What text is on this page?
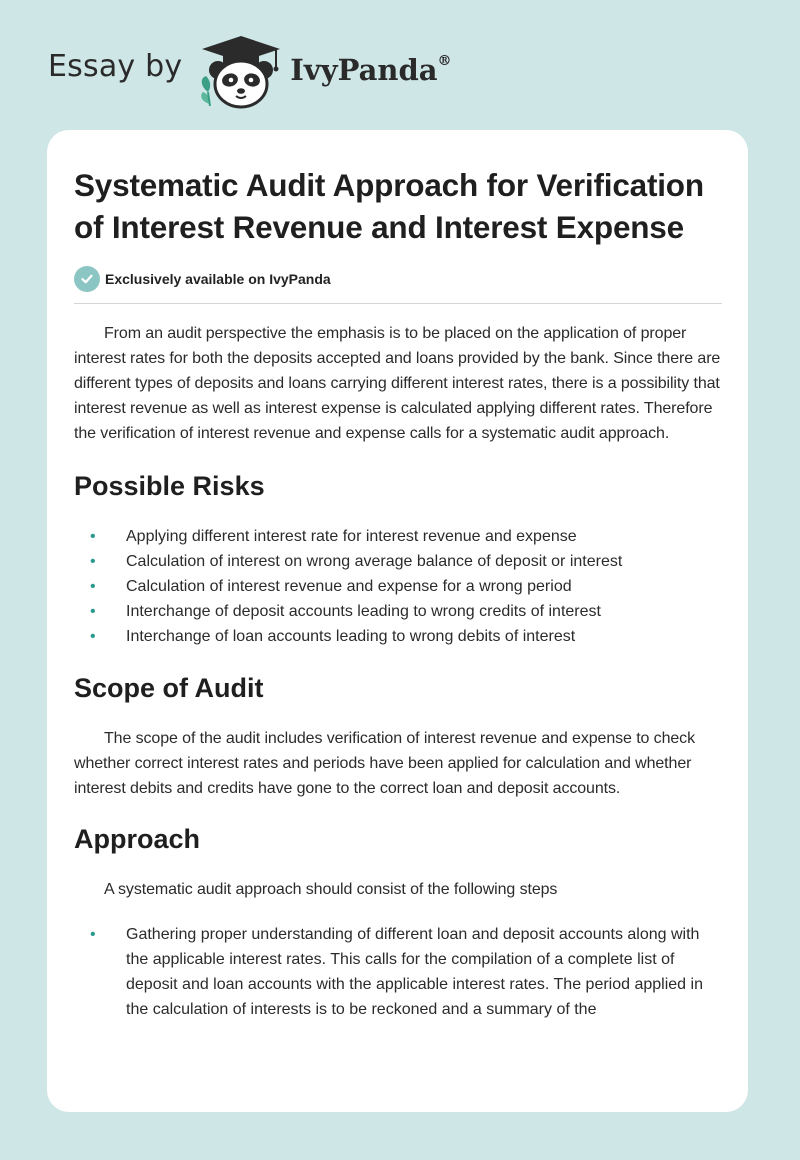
Essay by	IvyPanda®
Systematic Audit Approach for Verification of Interest Revenue and Interest Expense
Exclusively available on IvyPanda

From an audit perspective the emphasis is to be placed on the application of proper interest rates for both the deposits accepted and loans provided by the bank. Since there are different types of deposits and loans carrying different interest rates, there is a possibility that interest revenue as well as interest expense is calculated applying different rates. Therefore the verification of interest revenue and expense calls for a systematic audit approach.

Possible Risks
• Applying different interest rate for interest revenue and expense
• Calculation of interest on wrong average balance of deposit or interest
• Calculation of interest revenue and expense for a wrong period
• Interchange of deposit accounts leading to wrong credits of interest
• Interchange of loan accounts leading to wrong debits of interest
Scope of Audit

The scope of the audit includes verification of interest revenue and expense to check whether correct interest rates and periods have been applied for calculation and whether interest debits and credits have gone to the correct loan and deposit accounts.

Approach

A systematic audit approach should consist of the following steps

• Gathering proper understanding of different loan and deposit accounts along with the applicable interest rates. This calls for the compilation of a complete list of deposit and loan accounts with the applicable interest rates. The period applied in the calculation of interests is to be reckoned and a summary of the
